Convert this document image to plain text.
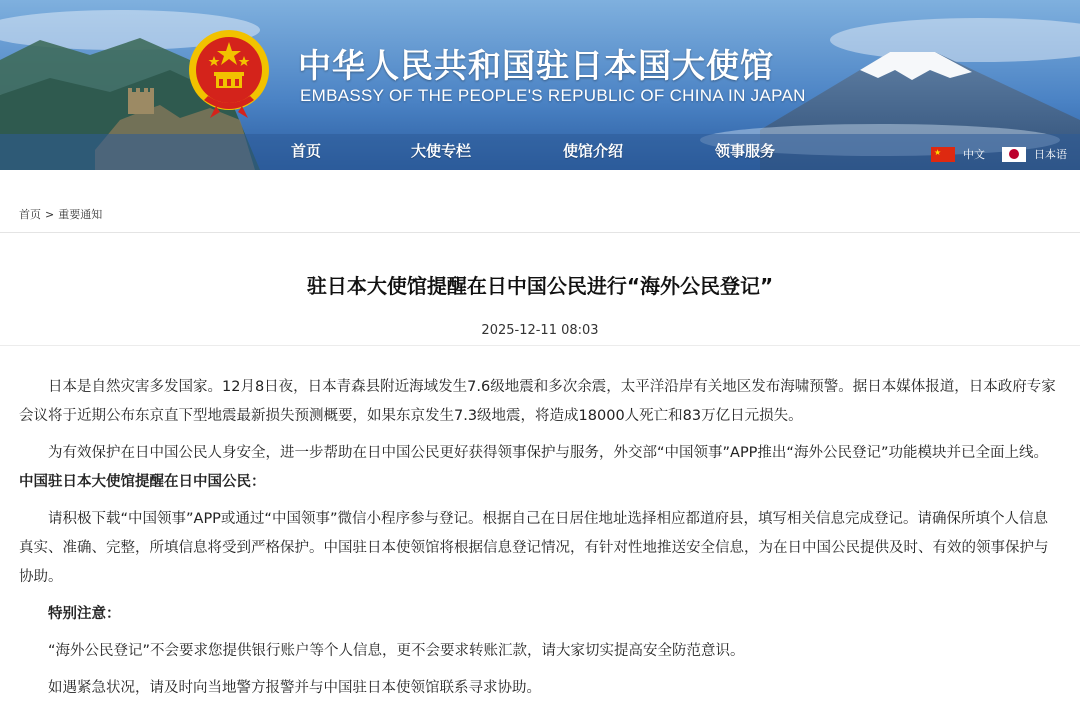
中华人民共和国驻日本国大使馆
EMBASSY OF THE PEOPLE'S REPUBLIC OF CHINA IN JAPAN
首页	大使专栏	使馆介绍	领事服务	★ 中文	日本语
首页 > 重要通知
驻日本大使馆提醒在日中国公民进行“海外公民登记”
2025-12-11 08:03

日本是自然灾害多发国家。12月8日夜，日本青森县附近海域发生7.6级地震和多次余震，太平洋沿岸有关地区发布海啸预警。据日本媒体报道，日本政府专家会议将于近期公布东京直下型地震最新损失预测概要，如果东京发生7.3级地震，将造成18000人死亡和83万亿日元损失。

为有效保护在日中国公民人身安全，进一步帮助在日中国公民更好获得领事保护与服务，外交部“中国领事”APP推出“海外公民登记”功能模块并已全面上线。中国驻日本大使馆提醒在日中国公民：

请积极下载“中国领事”APP或通过“中国领事”微信小程序参与登记。根据自己在日居住地址选择相应都道府县，填写相关信息完成登记。请确保所填个人信息真实、准确、完整，所填信息将受到严格保护。中国驻日本使领馆将根据信息登记情况，有针对性地推送安全信息，为在日中国公民提供及时、有效的领事保护与协助。

特别注意：

“海外公民登记”不会要求您提供银行账户等个人信息，更不会要求转账汇款，请大家切实提高安全防范意识。

如遇紧急状况，请及时向当地警方报警并与中国驻日本使领馆联系寻求协助。
